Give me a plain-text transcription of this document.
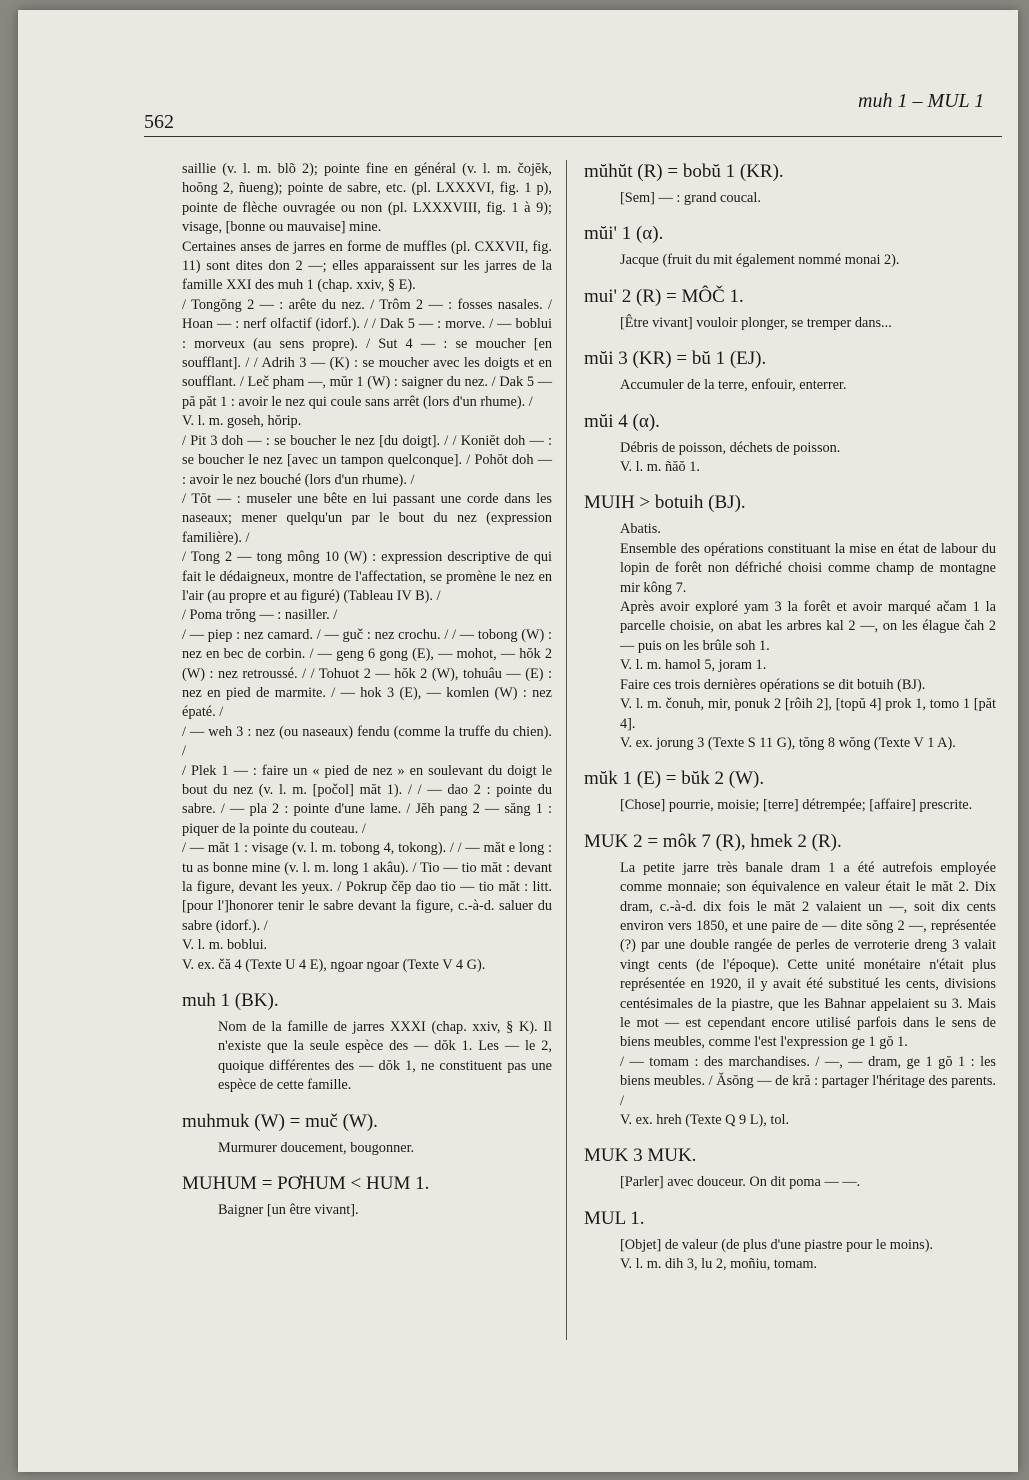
562
muh 1 – MUL 1

saillie (v. l. m. blõ 2); pointe fine en général (v. l. m. čojĕk, hoŏng 2, ñueng); pointe de sabre, etc. (pl. LXXXVI, fig. 1 p), pointe de flèche ouvragée ou non (pl. LXXXVIII, fig. 1 à 9); visage, [bonne ou mauvaise] mine.

Certaines anses de jarres en forme de muffles (pl. CXXVII, fig. 11) sont dites don 2 —; elles apparaissent sur les jarres de la famille XXI des muh 1 (chap. xxiv, § E).

/ Tongŏng 2 — : arête du nez. / Trôm 2 — : fosses nasales. / Hoan — : nerf olfactif (idorf.). / / Dak 5 — : morve. / — boblui : morveux (au sens propre). / Sut 4 — : se moucher [en soufflant]. / / Adrih 3 — (K) : se moucher avec les doigts et en soufflant. / Leč pham —, mŭr 1 (W) : saigner du nez. / Dak 5 — pă păt 1 : avoir le nez qui coule sans arrêt (lors d'un rhume). /

V. l. m. goseh, hŏrip.

/ Pit 3 doh — : se boucher le nez [du doigt]. / / Koniĕt doh — : se boucher le nez [avec un tampon quelconque]. / Pohŏt doh — : avoir le nez bouché (lors d'un rhume). /

/ Tŏt — : museler une bête en lui passant une corde dans les naseaux; mener quelqu'un par le bout du nez (expression familière). /

/ Tong 2 — tong mông 10 (W) : expression descriptive de qui fait le dédaigneux, montre de l'affectation, se promène le nez en l'air (au propre et au figuré) (Tableau IV B). /

/ Poma trŏng — : nasiller. /

/ — piep : nez camard. / — guč : nez crochu. / / — tobong (W) : nez en bec de corbin. / — geng 6 gong (E), — mohot, — hŏk 2 (W) : nez retroussé. / / Tohuot 2 — hŏk 2 (W), tohuâu — (E) : nez en pied de marmite. / — hok 3 (E), — komlen (W) : nez épaté. /

/ — weh 3 : nez (ou naseaux) fendu (comme la truffe du chien). /

/ Plek 1 — : faire un « pied de nez » en soulevant du doigt le bout du nez (v. l. m. [počol] măt 1). / / — dao 2 : pointe du sabre. / — pla 2 : pointe d'une lame. / Jĕh pang 2 — săng 1 : piquer de la pointe du couteau. /

/ — măt 1 : visage (v. l. m. tobong 4, tokong). / / — măt e long : tu as bonne mine (v. l. m. long 1 akâu). / Tio — tio măt : devant la figure, devant les yeux. / Pokrup čĕp dao tio — tio măt : litt. [pour l']honorer tenir le sabre devant la figure, c.-à-d. saluer du sabre (idorf.). /

V. l. m. boblui.

V. ex. čă 4 (Texte U 4 E), ngoar ngoar (Texte V 4 G).

muh 1 (BK).

Nom de la famille de jarres XXXI (chap. xxiv, § K). Il n'existe que la seule espèce des — dŏk 1. Les — le 2, quoique différentes des — dŏk 1, ne constituent pas une espèce de cette famille.

muhmuk (W) = muč (W).

Murmurer doucement, bougonner.

MUHUM = PƠHUM < HUM 1.

Baigner [un être vivant].

mŭhŭt (R) = bobŭ 1 (KR).

[Sem] — : grand coucal.

mŭi' 1 (α).

Jacque (fruit du mit également nommé monai 2).

mui' 2 (R) = MÔČ 1.

[Être vivant] vouloir plonger, se tremper dans...

mŭi 3 (KR) = bŭ 1 (EJ).

Accumuler de la terre, enfouir, enterrer.

mŭi 4 (α).

Débris de poisson, déchets de poisson.

V. l. m. ñăŏ 1.

MUIH > botuih (BJ).

Abatis.

Ensemble des opérations constituant la mise en état de labour du lopin de forêt non défriché choisi comme champ de montagne mir kông 7.

Après avoir exploré yam 3 la forêt et avoir marqué ačam 1 la parcelle choisie, on abat les arbres kal 2 —, on les élague čah 2 — puis on les brûle soh 1.

V. l. m. hamol 5, joram 1.

Faire ces trois dernières opérations se dit botuih (BJ).

V. l. m. čonuh, mir, ponuk 2 [rôih 2], [topŭ 4] prok 1, tomo 1 [păt 4].

V. ex. jorung 3 (Texte S 11 G), tŏng 8 wŏng (Texte V 1 A).

mŭk 1 (E) = bŭk 2 (W).

[Chose] pourrie, moisie; [terre] détrempée; [affaire] prescrite.

MUK 2 = môk 7 (R), hmek 2 (R).

La petite jarre très banale dram 1 a été autrefois employée comme monnaie; son équivalence en valeur était le măt 2. Dix dram, c.-à-d. dix fois le măt 2 valaient un —, soit dix cents environ vers 1850, et une paire de — dite sŏng 2 —, représentée (?) par une double rangée de perles de verroterie dreng 3 valait vingt cents (de l'époque). Cette unité monétaire n'était plus représentée en 1920, il y avait été substitué les cents, divisions centésimales de la piastre, que les Bahnar appelaient su 3. Mais le mot — est cependant encore utilisé parfois dans le sens de biens meubles, comme l'est l'expression ge 1 gŏ 1.

/ — tomam : des marchandises. / —, — dram, ge 1 gŏ 1 : les biens meubles. / Ăsŏng — de kră : partager l'héritage des parents. /

V. ex. hreh (Texte Q 9 L), tol.

MUK 3 MUK.

[Parler] avec douceur. On dit poma — —.

MUL 1.

[Objet] de valeur (de plus d'une piastre pour le moins).

V. l. m. dih 3, lu 2, moñiu, tomam.
